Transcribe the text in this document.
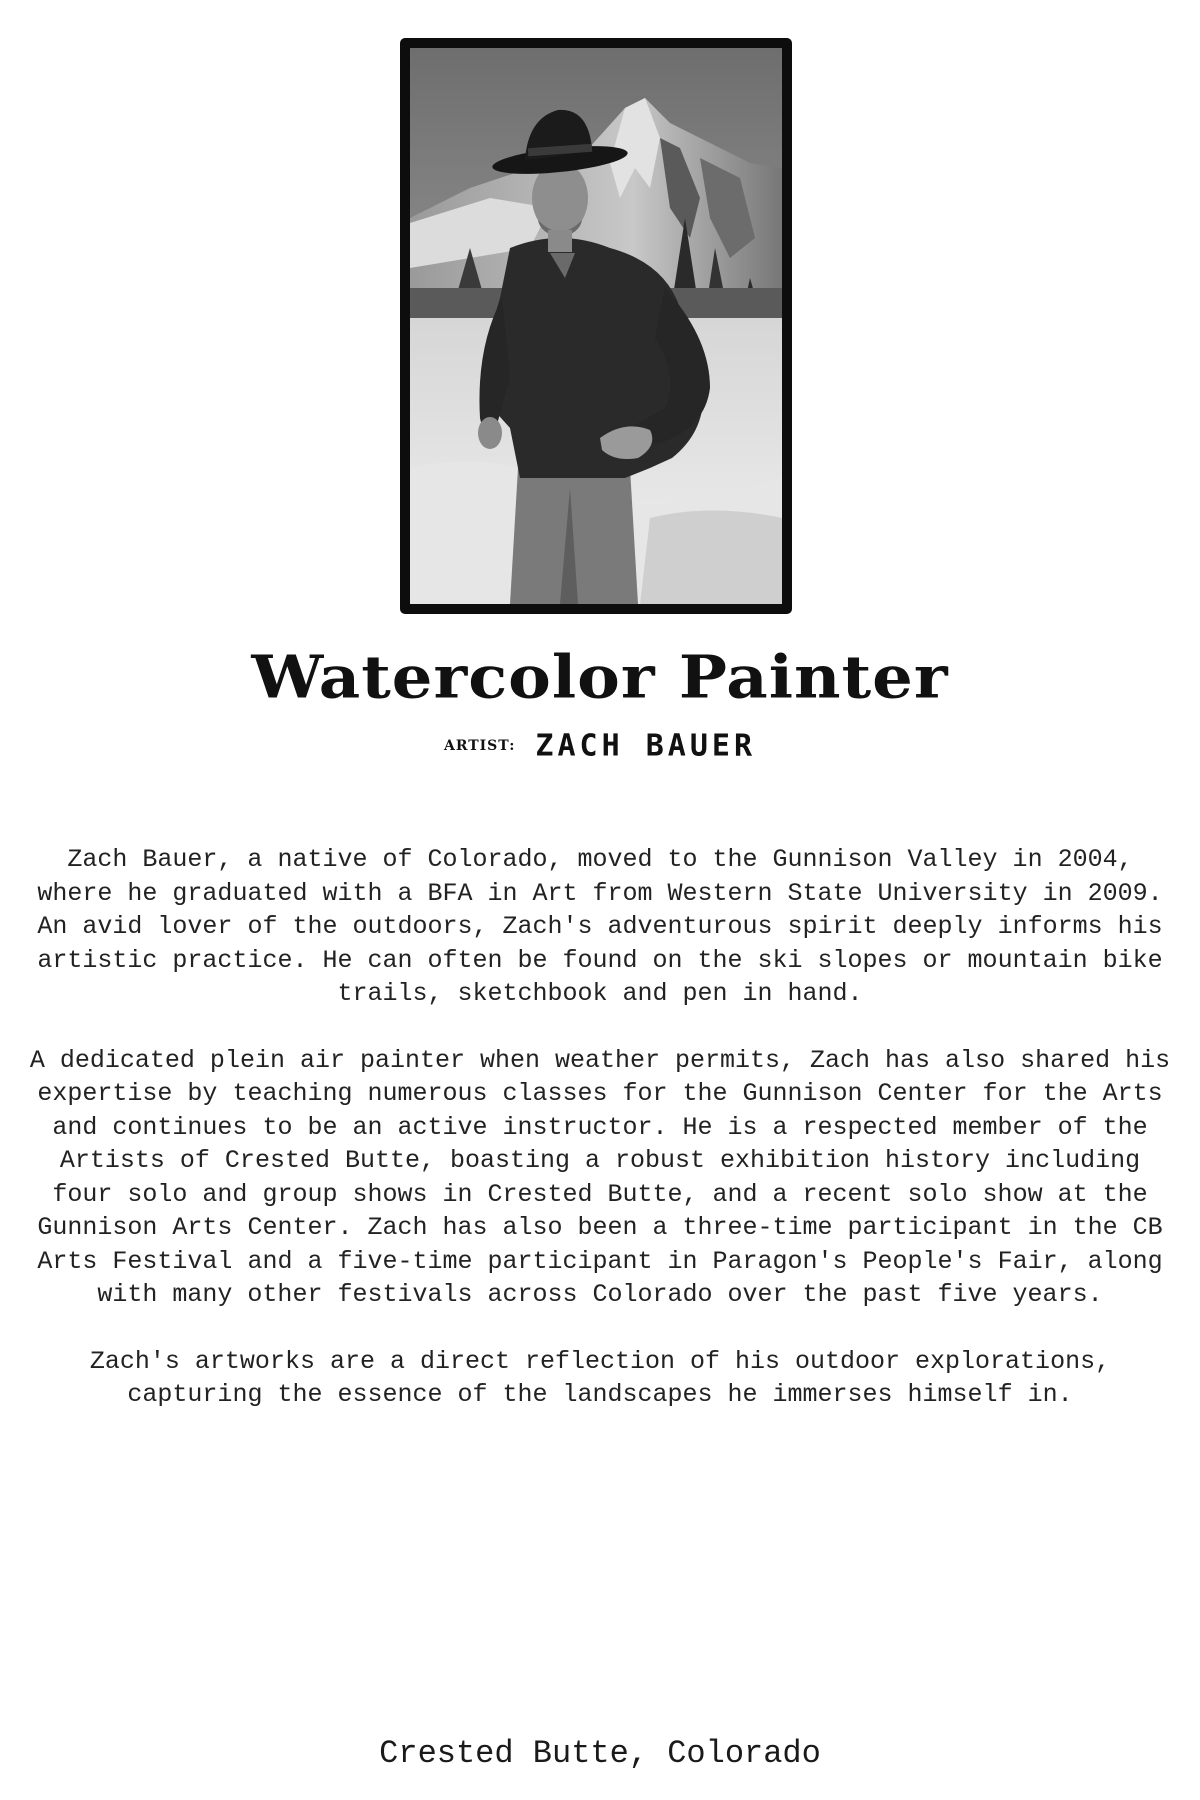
Watercolor Painter
ARTIST: ZACH BAUER

Zach Bauer, a native of Colorado, moved to the Gunnison Valley in 2004, where he graduated with a BFA in Art from Western State University in 2009. An avid lover of the outdoors, Zach's adventurous spirit deeply informs his artistic practice. He can often be found on the ski slopes or mountain bike trails, sketchbook and pen in hand.

A dedicated plein air painter when weather permits, Zach has also shared his expertise by teaching numerous classes for the Gunnison Center for the Arts and continues to be an active instructor. He is a respected member of the Artists of Crested Butte, boasting a robust exhibition history including four solo and group shows in Crested Butte, and a recent solo show at the Gunnison Arts Center. Zach has also been a three-time participant in the CB Arts Festival and a five-time participant in Paragon's People's Fair, along with many other festivals across Colorado over the past five years.

Zach's artworks are a direct reflection of his outdoor explorations, capturing the essence of the landscapes he immerses himself in.

Crested Butte, Colorado
